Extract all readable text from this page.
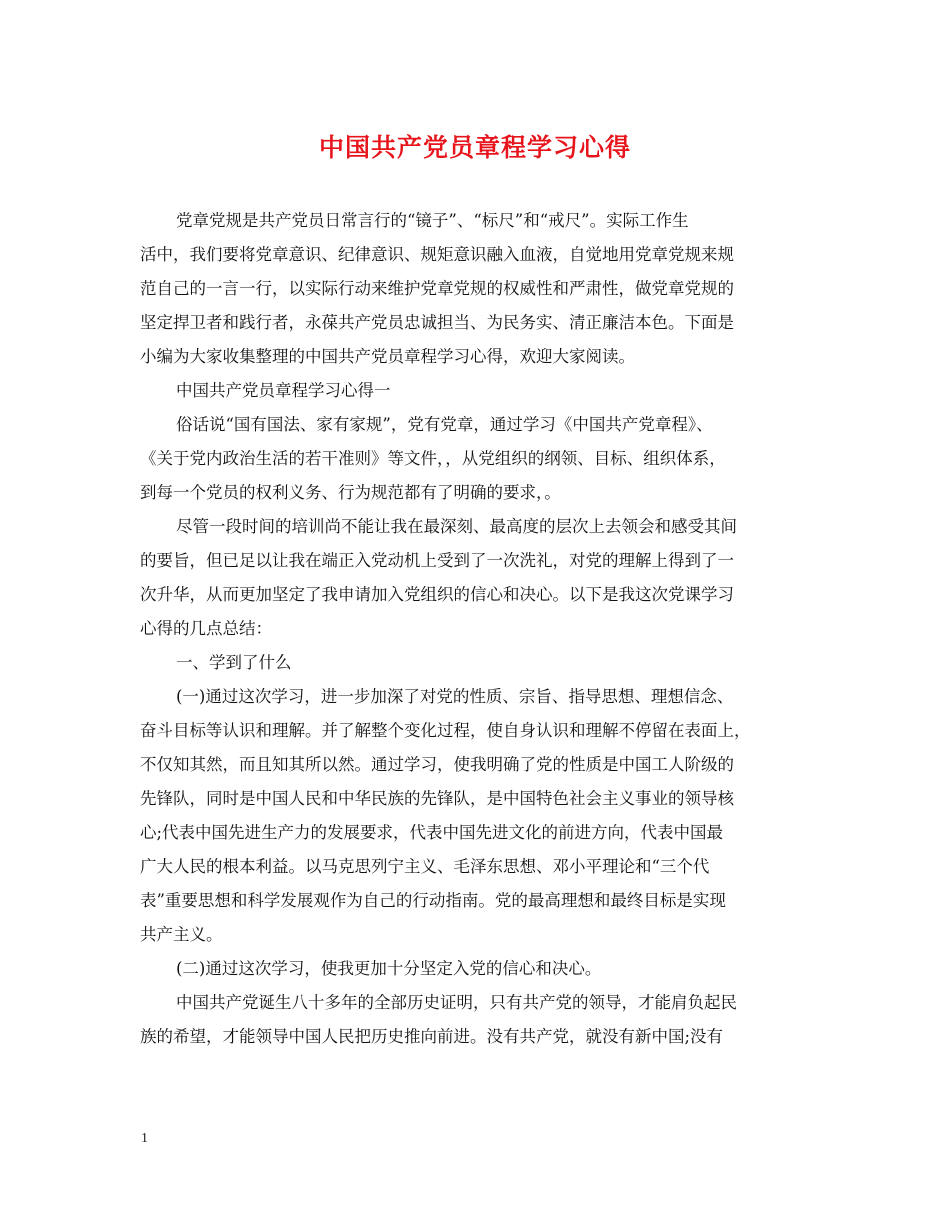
中国共产党员章程学习心得
党章党规是共产党员日常言行的“镜子”、“标尺”和“戒尺”。实际工作生
活中，我们要将党章意识、纪律意识、规矩意识融入血液，自觉地用党章党规来规
范自己的一言一行，以实际行动来维护党章党规的权威性和严肃性，做党章党规的
坚定捍卫者和践行者，永葆共产党员忠诚担当、为民务实、清正廉洁本色。下面是
小编为大家收集整理的中国共产党员章程学习心得，欢迎大家阅读。
中国共产党员章程学习心得一
俗话说“国有国法、家有家规”，党有党章，通过学习《中国共产党章程》、
《关于党内政治生活的若干准则》等文件，，从党组织的纲领、目标、组织体系，
到每一个党员的权利义务、行为规范都有了明确的要求，。
尽管一段时间的培训尚不能让我在最深刻、最高度的层次上去领会和感受其间
的要旨，但已足以让我在端正入党动机上受到了一次洗礼，对党的理解上得到了一
次升华，从而更加坚定了我申请加入党组织的信心和决心。以下是我这次党课学习
心得的几点总结：
一、学到了什么
(一)通过这次学习，进一步加深了对党的性质、宗旨、指导思想、理想信念、
奋斗目标等认识和理解。并了解整个变化过程，使自身认识和理解不停留在表面上，
不仅知其然，而且知其所以然。通过学习，使我明确了党的性质是中国工人阶级的
先锋队，同时是中国人民和中华民族的先锋队，是中国特色社会主义事业的领导核
心;代表中国先进生产力的发展要求，代表中国先进文化的前进方向，代表中国最
广大人民的根本利益。以马克思列宁主义、毛泽东思想、邓小平理论和“三个代
表”重要思想和科学发展观作为自己的行动指南。党的最高理想和最终目标是实现
共产主义。
(二)通过这次学习，使我更加十分坚定入党的信心和决心。
中国共产党诞生八十多年的全部历史证明，只有共产党的领导，才能肩负起民
族的希望，才能领导中国人民把历史推向前进。没有共产党，就没有新中国;没有
1
